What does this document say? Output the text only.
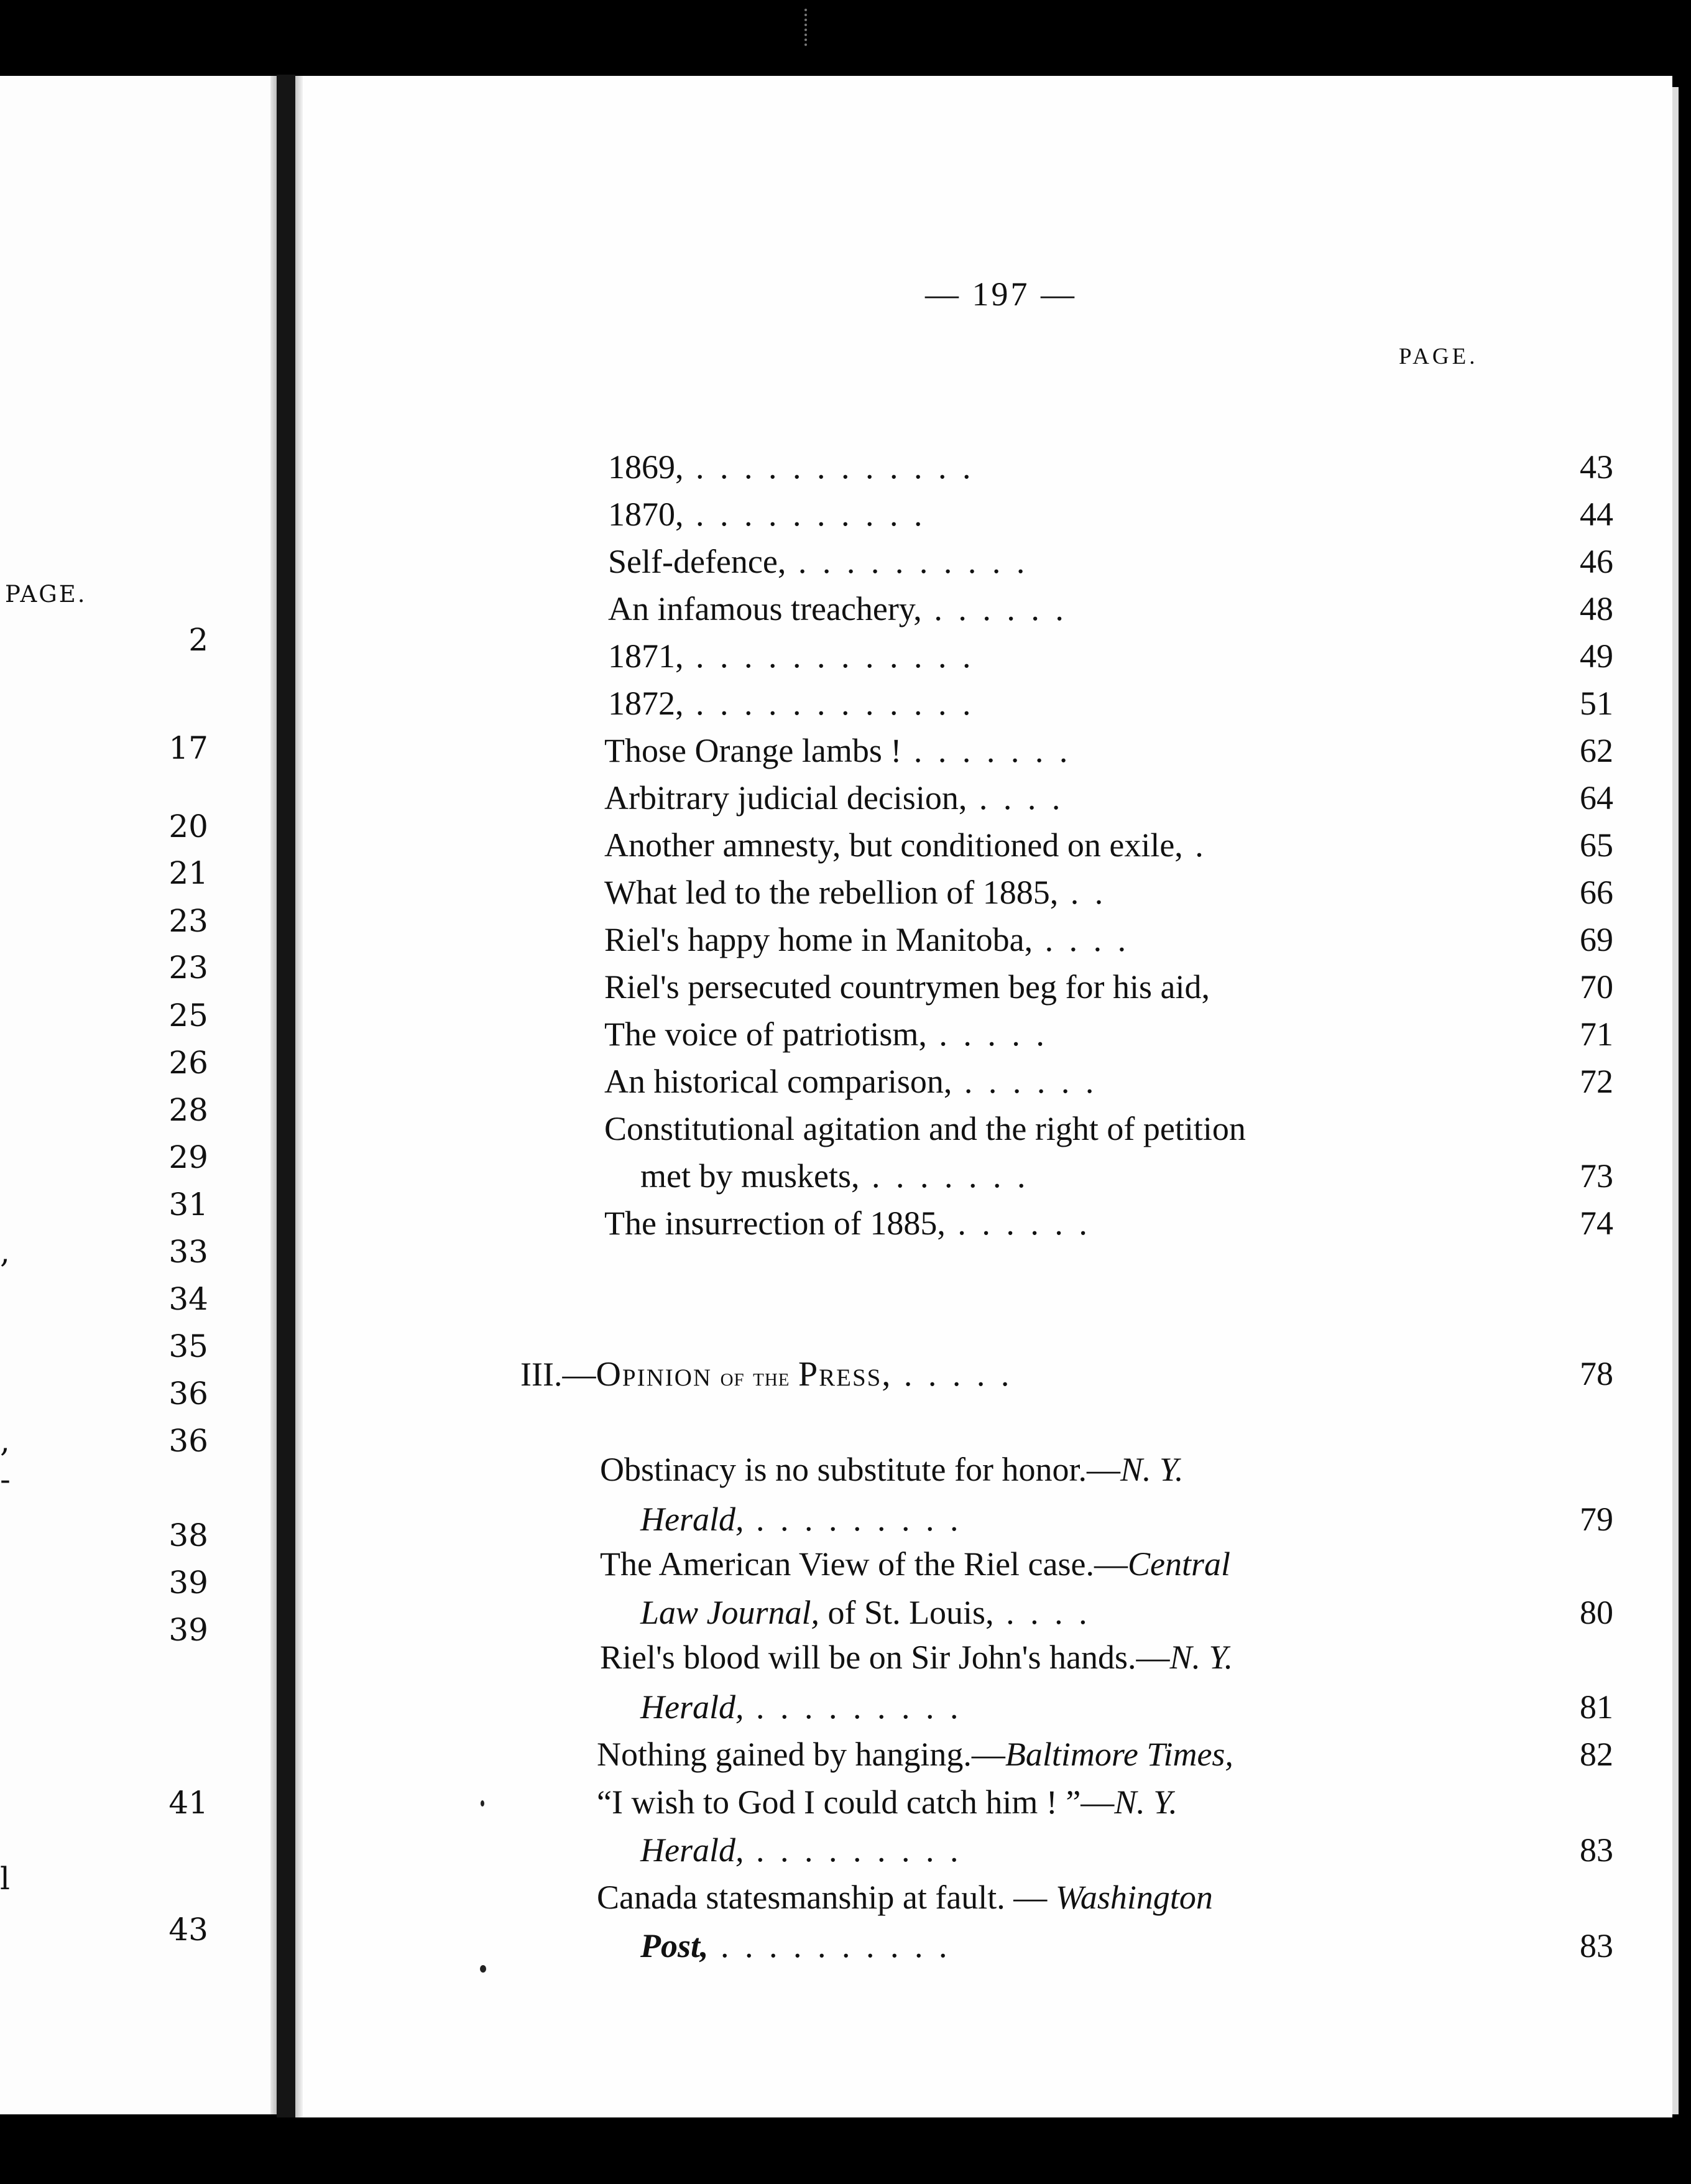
PAGE.
2
17
20
21
23
23
25
26
28
29
31
33
34
35
36
36
38
39
39
41
43
,
,
-
l
— 197 —
PAGE.
1869, . . . . . . . . . . . .	43
1870, . . . . . . . . . .	44
Self-defence, . . . . . . . . . .	46
An infamous treachery, . . . . . .	48
1871, . . . . . . . . . . . .	49
1872, . . . . . . . . . . . .	51
Those Orange lambs ! . . . . . . .	62
Arbitrary judicial decision, . . . .	64
Another amnesty, but conditioned on exile, .	65
What led to the rebellion of 1885, . .	66
Riel's happy home in Manitoba, . . . .	69
Riel's persecuted countrymen beg for his aid,	70
The voice of patriotism, . . . . .	71
An historical comparison, . . . . . .	72
Constitutional agitation and the right of petition
met by muskets, . . . . . . .	73
The insurrection of 1885, . . . . . .	74
III.—Opinion of the Press, . . . . .	78
Obstinacy is no substitute for honor.—N. Y.
Herald, . . . . . . . . .	79
The American View of the Riel case.—Central
Law Journal, of St. Louis, . . . .	80
Riel's blood will be on Sir John's hands.—N. Y.
Herald, . . . . . . . . .	81
Nothing gained by hanging.—Baltimore Times,	82
“I wish to God I could catch him ! ”—N. Y.
Herald, . . . . . . . . .	83
Canada statesmanship at fault. — Washington
Post, . . . . . . . . . .	83
